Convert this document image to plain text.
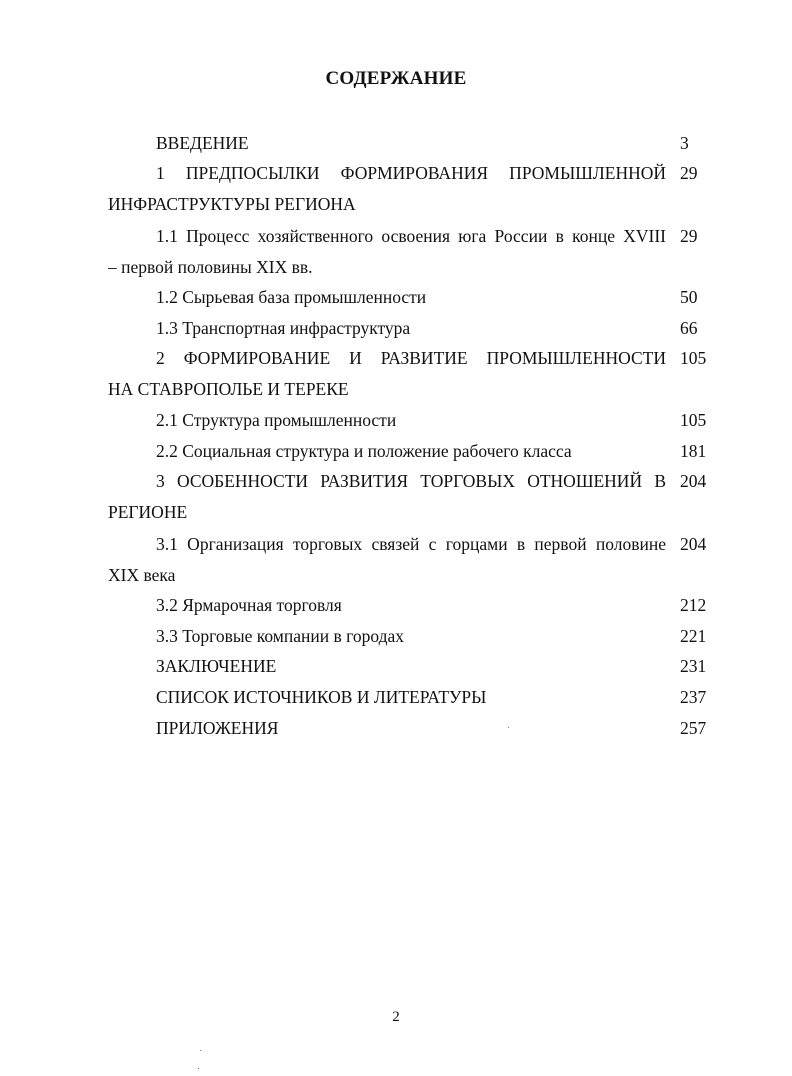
СОДЕРЖАНИЕ
ВВЕДЕНИЕ	3
1 ПРЕДПОСЫЛКИ ФОРМИРОВАНИЯ ПРОМЫШЛЕННОЙ 29
ИНФРАСТРУКТУРЫ РЕГИОНА
1.1 Процесс хозяйственного освоения юга России в конце XVIII 29
– первой половины XIX вв.
1.2 Сырьевая база промышленности	50
1.3 Транспортная инфраструктура	66
2 ФОРМИРОВАНИЕ И РАЗВИТИЕ ПРОМЫШЛЕННОСТИ 105
НА СТАВРОПОЛЬЕ И ТЕРЕКЕ
2.1 Структура промышленности	105
2.2 Социальная структура и положение рабочего класса	181
3 ОСОБЕННОСТИ РАЗВИТИЯ ТОРГОВЫХ ОТНОШЕНИЙ В 204
РЕГИОНЕ
3.1 Организация торговых связей с горцами в первой половине 204
XIX века
3.2 Ярмарочная торговля	212
3.3 Торговые компании в городах	221
ЗАКЛЮЧЕНИЕ	231
СПИСОК ИСТОЧНИКОВ И ЛИТЕРАТУРЫ	237
ПРИЛОЖЕНИЯ	257
2
